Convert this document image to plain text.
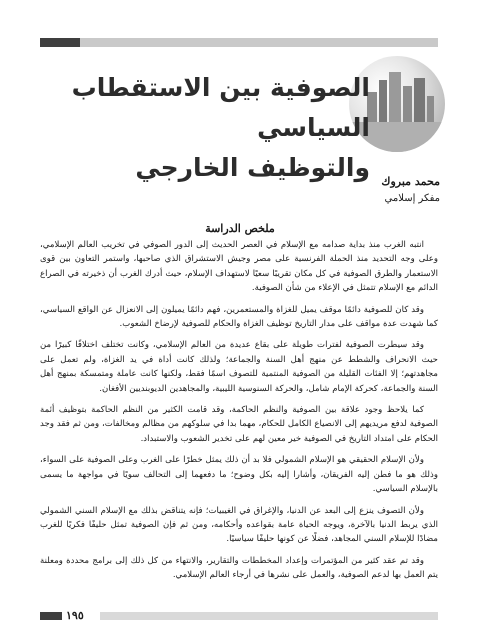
الصوفية بين الاستقطاب السياسي
والتوظيف الخارجي محمد مبروك
مفكر إسلامي
ملخص الدراسة

انتبه الغرب منذ بداية صدامه مع الإسلام في العصر الحديث إلى الدور الصوفي في تخريب العالم الإسلامي، وعلى وجه التحديد منذ الحملة الفرنسية على مصر وجيش الاستشراق الذي صاحبها، واستمر التعاون بين قوى الاستعمار والطرق الصوفية في كل مكان تقريبًا سعيًا لاستهداف الإسلام، حيث أدرك الغرب أن ذخيرته في الصراع الدائم مع الإسلام تتمثل في الإعلاء من شأن الصوفية.

وقد كان للصوفية دائمًا موقف يميل للغزاة والمستعمرين، فهم دائمًا يميلون إلى الانعزال عن الواقع السياسي، كما شهدت عدة مواقف على مدار التاريخ توظيف الغزاة والحكام للصوفية لإرضاخ الشعوب.

وقد سيطرت الصوفية لفترات طويلة على بقاع عديدة من العالم الإسلامي، وكانت تختلف اختلافًا كبيرًا من حيث الانحراف والشطط عن منهج أهل السنة والجماعة؛ ولذلك كانت أداة في يد الغزاة، ولم تعمل على مجاهدتهم؛ إلا الفئات القليلة من الصوفية المنتمية للتصوف اسمًا فقط، ولكنها كانت عاملة ومتمسكة بمنهج أهل السنة والجماعة، كحركة الإمام شامل، والحركة السنوسية الليبية، والمجاهدين الديوبنديين الأفغان.

كما يلاحظ وجود علاقة بين الصوفية والنظم الحاكمة، وقد قامت الكثير من النظم الحاكمة بتوظيف أئمة الصوفية لدفع مريديهم إلى الانصياع الكامل للحكام، مهما بدا في سلوكهم من مظالم ومخالفات، ومن ثم فقد وجد الحكام على امتداد التاريخ في الصوفية خير معين لهم على تخدير الشعوب والاستبداد.

ولأن الإسلام الحقيقي هو الإسلام الشمولي فلا بد أن ذلك يمثل خطرًا على الغرب وعلى الصوفية على السواء، وذلك هو ما فطن إليه الفريقان، وأشارا إليه بكل وضوح؛ ما دفعهما إلى التحالف سويًا في مواجهة ما يسمى بالإسلام السياسي.

ولأن التصوف ينزع إلى البعد عن الدنيا، والإغراق في الغيبيات؛ فإنه يتناقض بذلك مع الإسلام السني الشمولي الذي يربط الدنيا بالآخرة، ويوجه الحياة عامة بقواعده وأحكامه، ومن ثم فإن الصوفية تمثل حليفًا فكريًا للغرب مضادًا للإسلام السني المجاهد، فضلًا عن كونها حليفًا سياسيًا.

وقد تم عقد كثير من المؤتمرات وإعداد المخططات والتقارير، والانتهاء من كل ذلك إلى برامج محددة ومعلنة يتم العمل بها لدعم الصوفية، والعمل على نشرها في أرجاء العالم الإسلامي.

١٩٥
